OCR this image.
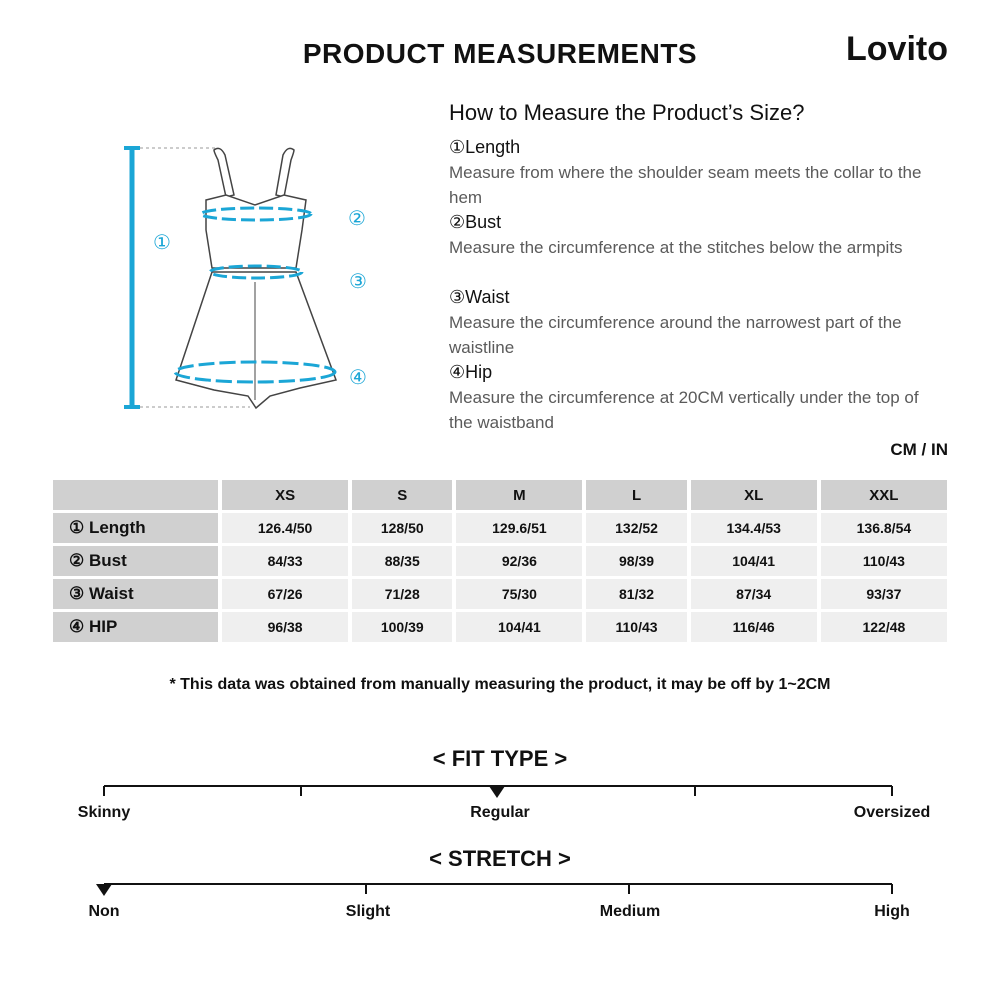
PRODUCT MEASUREMENTS	Lovito
①
②
③
④
How to Measure the Product’s Size?
①Length
Measure from where the shoulder seam meets the collar to the hem
②Bust
Measure the circumference at the stitches below the armpits
③Waist
Measure the circumference around the narrowest part of the waistline
④Hip
Measure the circumference at 20CM vertically under the top of the waistband
CM / IN
	XS	S	M	L	XL	XXL
① Length	126.4/50	128/50	129.6/51	132/52	134.4/53	136.8/54
② Bust	84/33	88/35	92/36	98/39	104/41	110/43
③ Waist	67/26	71/28	75/30	81/32	87/34	93/37
④ HIP	96/38	100/39	104/41	110/43	116/46	122/48
* This data was obtained from manually measuring the product, it may be off by 1~2CM
< FIT TYPE >
Skinny	Regular	Oversized
< STRETCH >
Non	Slight	Medium	High
